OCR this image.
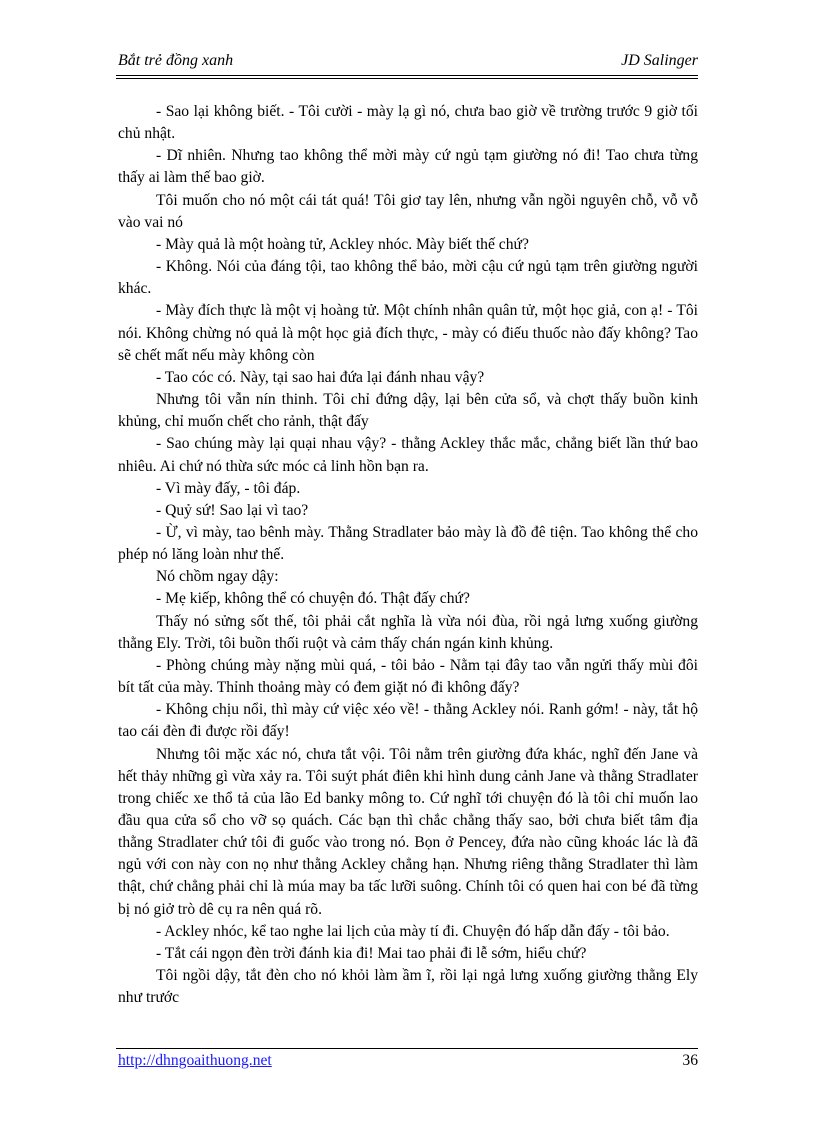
Bắt trẻ đồng xanh	JD Salinger

- Sao lại không biết. - Tôi cười - mày lạ gì nó, chưa bao giờ về trường trước 9 giờ tối chủ nhật.

- Dĩ nhiên. Nhưng tao không thể mời mày cứ ngủ tạm giường nó đi! Tao chưa từng thấy ai làm thế bao giờ.

Tôi muốn cho nó một cái tát quá! Tôi giơ tay lên, nhưng vẫn ngồi nguyên chỗ, vỗ vỗ vào vai nó

- Mày quả là một hoàng tử, Ackley nhóc. Mày biết thế chứ?

- Không. Nói của đáng tội, tao không thể bảo, mời cậu cứ ngủ tạm trên giường người khác.

- Mày đích thực là một vị hoàng tử. Một chính nhân quân tử, một học giả, con ạ! - Tôi nói. Không chừng nó quả là một học giả đích thực, - mày có điếu thuốc nào đấy không? Tao sẽ chết mất nếu mày không còn

- Tao cóc có. Này, tại sao hai đứa lại đánh nhau vậy?

Nhưng tôi vẫn nín thinh. Tôi chỉ đứng dậy, lại bên cửa sổ, và chợt thấy buồn kinh khủng, chỉ muốn chết cho rảnh, thật đấy

- Sao chúng mày lại quại nhau vậy? - thằng Ackley thắc mắc, chẳng biết lần thứ bao nhiêu. Ai chứ nó thừa sức móc cả linh hồn bạn ra.

- Vì mày đấy, - tôi đáp.

- Quỷ sứ! Sao lại vì tao?

- Ừ, vì mày, tao bênh mày. Thằng Stradlater bảo mày là đồ đê tiện. Tao không thể cho phép nó lăng loàn như thế.

Nó chồm ngay dậy:

- Mẹ kiếp, không thể có chuyện đó. Thật đấy chứ?

Thấy nó sửng sốt thế, tôi phải cắt nghĩa là vừa nói đùa, rồi ngả lưng xuống giường thằng Ely. Trời, tôi buồn thối ruột và cảm thấy chán ngán kinh khủng.

- Phòng chúng mày nặng mùi quá, - tôi bảo - Nằm tại đây tao vẫn ngửi thấy mùi đôi bít tất của mày. Thỉnh thoảng mày có đem giặt nó đi không đấy?

- Không chịu nổi, thì mày cứ việc xéo về! - thằng Ackley nói. Ranh gớm! - này, tắt hộ tao cái đèn đi được rồi đấy!

Nhưng tôi mặc xác nó, chưa tắt vội. Tôi nằm trên giường đứa khác, nghĩ đến Jane và hết thảy những gì vừa xảy ra. Tôi suýt phát điên khi hình dung cảnh Jane và thằng Stradlater trong chiếc xe thổ tả của lão Ed banky mông to. Cứ nghĩ tới chuyện đó là tôi chỉ muốn lao đầu qua cửa sổ cho vỡ sọ quách. Các bạn thì chắc chẳng thấy sao, bởi chưa biết tâm địa thằng Stradlater chứ tôi đi guốc vào trong nó. Bọn ở Pencey, đứa nào cũng khoác lác là đã ngủ với con này con nọ như thằng Ackley chẳng hạn. Nhưng riêng thằng Stradlater thì làm thật, chứ chẳng phải chỉ là múa may ba tấc lưỡi suông. Chính tôi có quen hai con bé đã từng bị nó giở trò dê cụ ra nên quá rõ.

- Ackley nhóc, kể tao nghe lai lịch của mày tí đi. Chuyện đó hấp dẫn đấy - tôi bảo.

- Tắt cái ngọn đèn trời đánh kia đi! Mai tao phải đi lễ sớm, hiểu chứ?

Tôi ngồi dậy, tắt đèn cho nó khỏi làm ầm ĩ, rồi lại ngả lưng xuống giường thằng Ely như trước

http://dhngoaithuong.net	36
